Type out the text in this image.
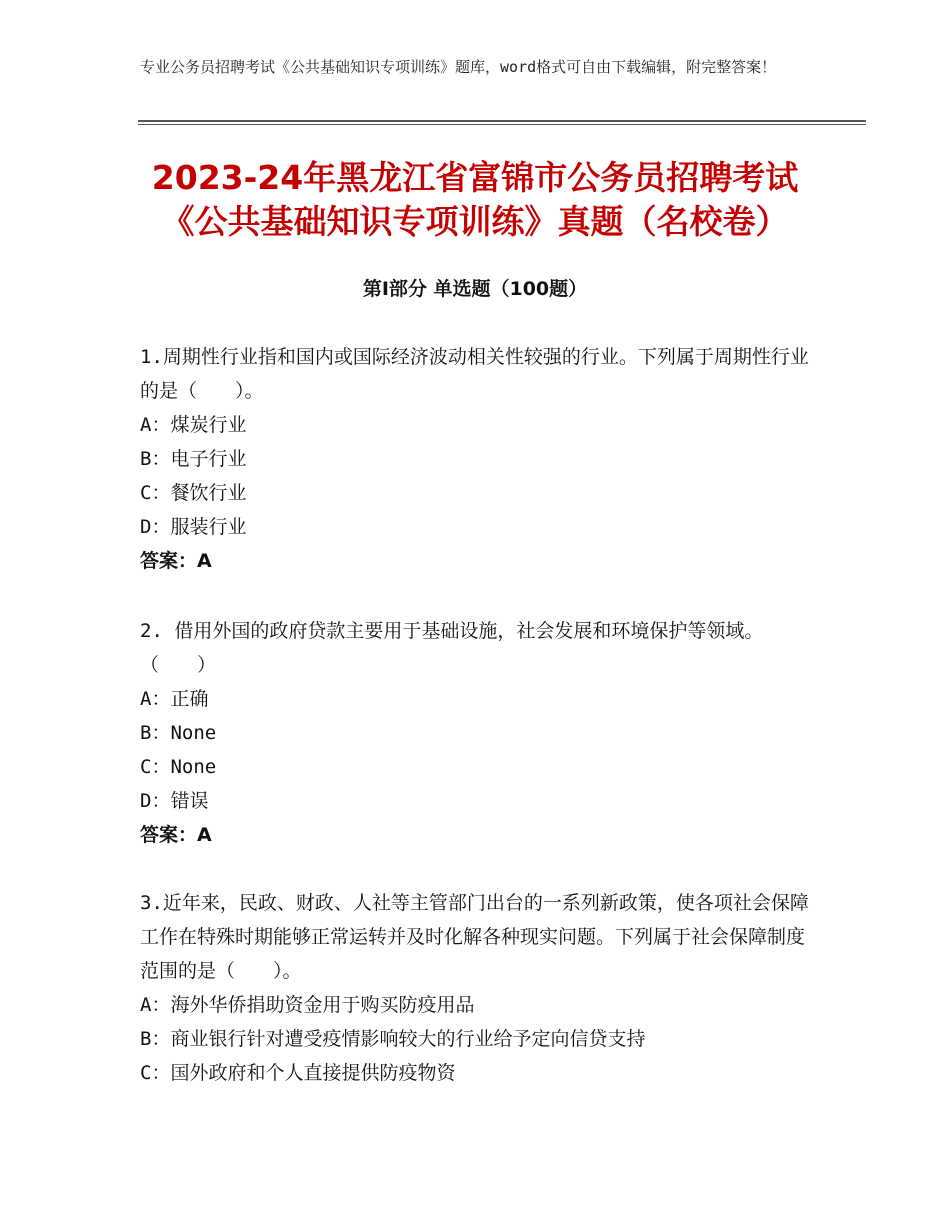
专业公务员招聘考试《公共基础知识专项训练》题库，word格式可自由下载编辑，附完整答案！
2023-24年黑龙江省富锦市公务员招聘考试
《公共基础知识专项训练》真题（名校卷）
第Ⅰ部分 单选题（100题）
1.周期性行业指和国内或国际经济波动相关性较强的行业。下列属于周期性行业的是（　　）。
A：煤炭行业
B：电子行业
C：餐饮行业
D：服装行业
答案：A
2. 借用外国的政府贷款主要用于基础设施，社会发展和环境保护等领域。（　　）
A：正确
B：None
C：None
D：错误
答案：A
3.近年来，民政、财政、人社等主管部门出台的一系列新政策，使各项社会保障工作在特殊时期能够正常运转并及时化解各种现实问题。下列属于社会保障制度范围的是（　　）。
A：海外华侨捐助资金用于购买防疫用品
B：商业银行针对遭受疫情影响较大的行业给予定向信贷支持
C：国外政府和个人直接提供防疫物资
